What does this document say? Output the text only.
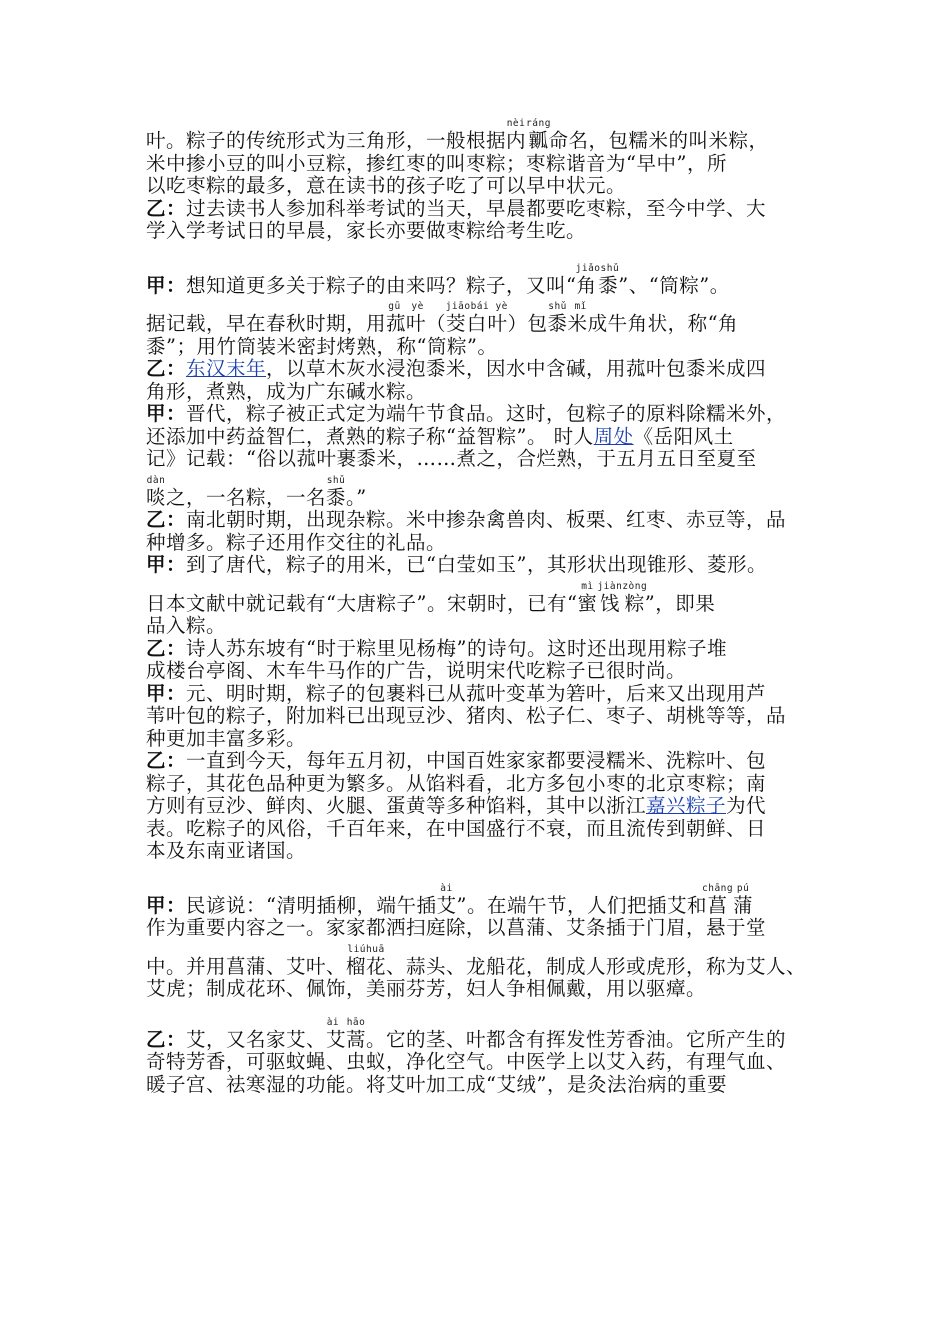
叶。粽子的传统形式为三角形，一般根据内nèi瓤ráng命名，包糯米的叫米粽，
米中掺小豆的叫小豆粽，掺红枣的叫枣粽；枣粽谐音为“早中”，所
以吃枣粽的最多，意在读书的孩子吃了可以早中状元。

乙：过去读书人参加科举考试的当天，早晨都要吃枣粽，至今中学、大
学入学考试日的早晨，家长亦要做枣粽给考生吃。

甲：想知道更多关于粽子的由来吗？粽子，又叫“角黍jiǎoshǔ”、“筒粽”。
据记载，早在春秋时期，用菰叶gū yè（茭白叶jiāobái yè）包黍米shǔ mǐ成牛角状，称“角
黍”；用竹筒装米密封烤熟，称“筒粽”。

乙：东汉末年，以草木灰水浸泡黍米，因水中含碱，用菰叶包黍米成四
角形，煮熟，成为广东碱水粽。

甲：晋代，粽子被正式定为端午节食品。这时，包粽子的原料除糯米外，
还添加中药益智仁，煮熟的粽子称“益智粽”。 时人周处《岳阳风土
记》记载：“俗以菰叶裹黍米，……煮之，合烂熟，于五月五日至夏至
啖dàn之，一名粽，一名黍shǔ。”

乙：南北朝时期，出现杂粽。米中掺杂禽兽肉、板栗、红枣、赤豆等，品
种增多。粽子还用作交往的礼品。

甲：到了唐代，粽子的用米，已“白莹如玉”，其形状出现锥形、菱形。
日本文献中就记载有“大唐粽子”。宋朝时，已有“蜜mì饯jiàn粽zòng”，即果
品入粽。

乙：诗人苏东坡有“时于粽里见杨梅”的诗句。这时还出现用粽子堆
成楼台亭阁、木车牛马作的广告，说明宋代吃粽子已很时尚。

甲：元、明时期，粽子的包裹料已从菰叶变革为箬叶，后来又出现用芦
苇叶包的粽子，附加料已出现豆沙、猪肉、松子仁、枣子、胡桃等等，品
种更加丰富多彩。

乙：一直到今天，每年五月初，中国百姓家家都要浸糯米、洗粽叶、包
粽子，其花色品种更为繁多。从馅料看，北方多包小枣的北京枣粽；南
方则有豆沙、鲜肉、火腿、蛋黄等多种馅料，其中以浙江嘉兴粽子为代
表。吃粽子的风俗，千百年来，在中国盛行不衰，而且流传到朝鲜、日
本及东南亚诸国。

甲：民谚说：“清明插柳，端午插艾ài”。在端午节，人们把插艾和菖chāng蒲pú
作为重要内容之一。家家都洒扫庭除，以菖蒲、艾条插于门眉，悬于堂
中。并用菖蒲、艾叶、榴花liúhuā、蒜头、龙船花，制成人形或虎形，称为艾人、
艾虎；制成花环、佩饰，美丽芬芳，妇人争相佩戴，用以驱瘴。

乙：艾，又名家艾、艾蒿ài hāo。它的茎、叶都含有挥发性芳香油。它所产生的
奇特芳香，可驱蚊蝇、虫蚁，净化空气。中医学上以艾入药，有理气血、
暖子宫、祛寒湿的功能。将艾叶加工成“艾绒”，是灸法治病的重要
